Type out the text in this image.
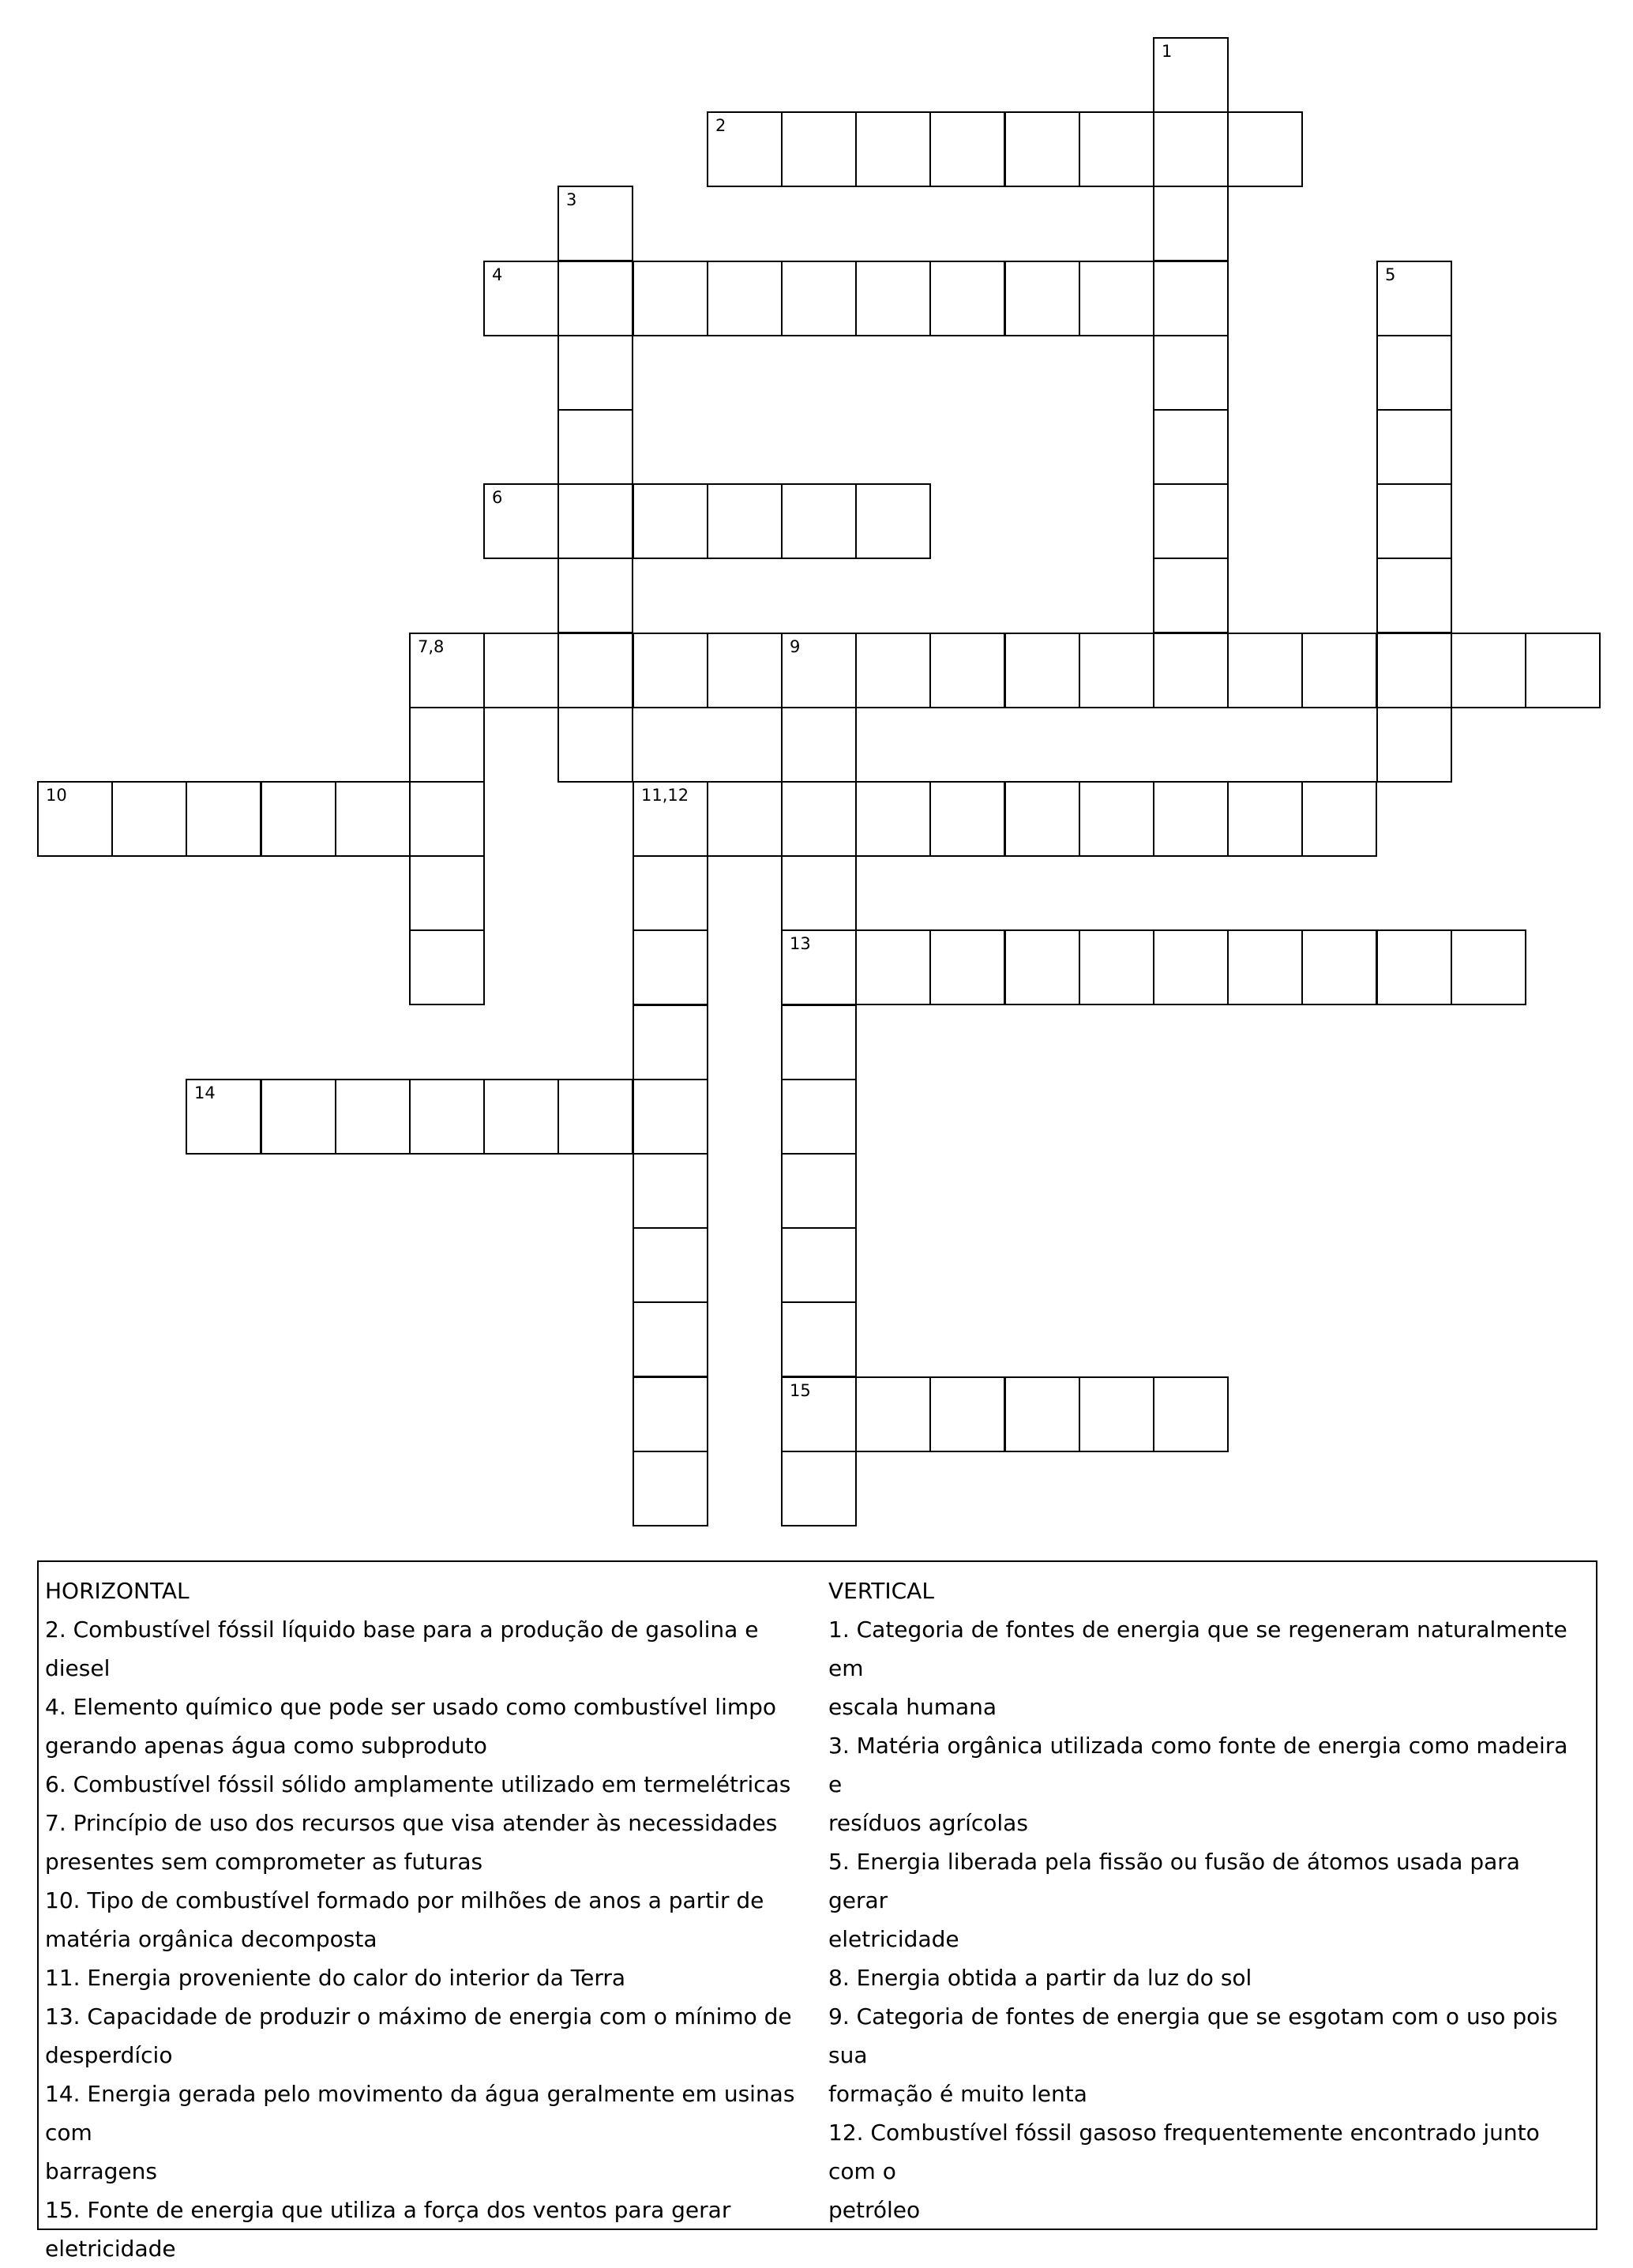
1
2
3
4	5
6
7,8	9
13
15
10	11,12
14
HORIZONTAL
2. Combustível fóssil líquido base para a produção de gasolina e diesel
4. Elemento químico que pode ser usado como combustível limpo
gerando apenas água como subproduto
6. Combustível fóssil sólido amplamente utilizado em termelétricas
7. Princípio de uso dos recursos que visa atender às necessidades
presentes sem comprometer as futuras
10. Tipo de combustível formado por milhões de anos a partir de
matéria orgânica decomposta
11. Energia proveniente do calor do interior da Terra
13. Capacidade de produzir o máximo de energia com o mínimo de
desperdício
14. Energia gerada pelo movimento da água geralmente em usinas com
barragens
15. Fonte de energia que utiliza a força dos ventos para gerar
eletricidade
VERTICAL
1. Categoria de fontes de energia que se regeneram naturalmente em
escala humana
3. Matéria orgânica utilizada como fonte de energia como madeira e
resíduos agrícolas
5. Energia liberada pela fissão ou fusão de átomos usada para gerar
eletricidade
8. Energia obtida a partir da luz do sol
9. Categoria de fontes de energia que se esgotam com o uso pois sua
formação é muito lenta
12. Combustível fóssil gasoso frequentemente encontrado junto com o
petróleo
